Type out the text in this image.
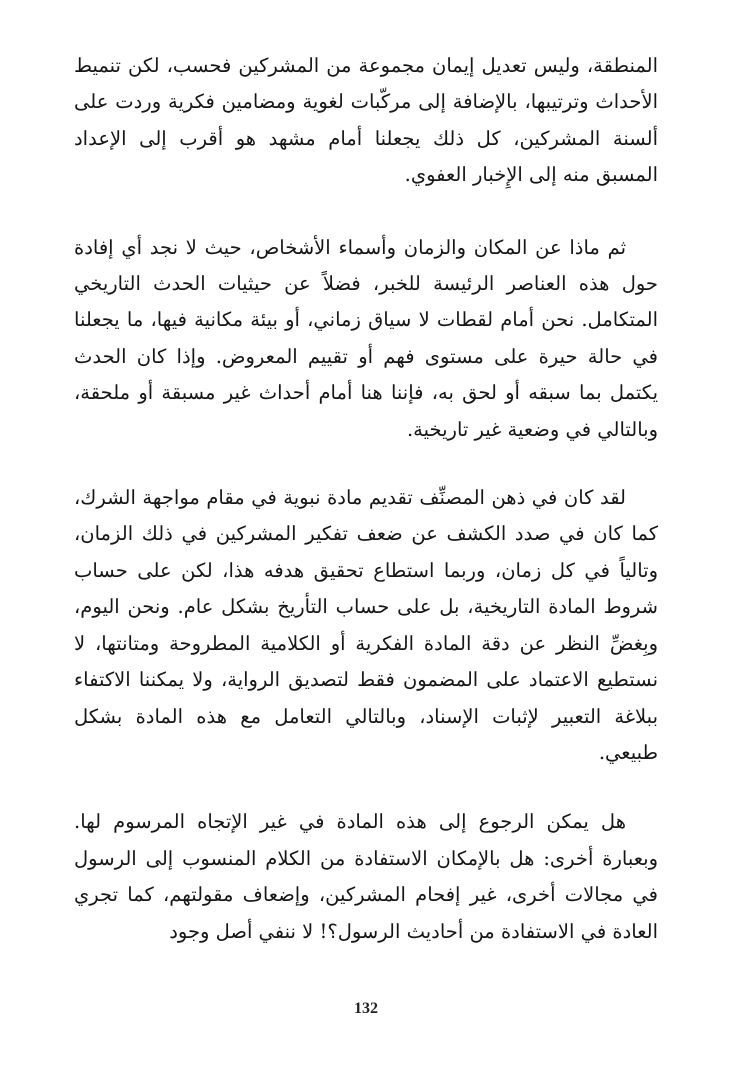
المنطقة، وليس تعديل إيمان مجموعة من المشركين فحسب، لكن تنميط الأحداث وترتيبها، بالإضافة إلى مركّبات لغوية ومضامين فكرية وردت على ألسنة المشركين، كل ذلك يجعلنا أمام مشهد هو أقرب إلى الإعداد المسبق منه إلى الإِخبار العفوي.

ثم ماذا عن المكان والزمان وأسماء الأشخاص، حيث لا نجد أي إفادة حول هذه العناصر الرئيسة للخبر، فضلاً عن حيثيات الحدث التاريخي المتكامل. نحن أمام لقطات لا سياق زماني، أو بيئة مكانية فيها، ما يجعلنا في حالة حيرة على مستوى فهم أو تقييم المعروض. وإذا كان الحدث يكتمل بما سبقه أو لحق به، فإننا هنا أمام أحداث غير مسبقة أو ملحقة، وبالتالي في وضعية غير تاريخية.

لقد كان في ذهن المصنِّف تقديم مادة نبوية في مقام مواجهة الشرك، كما كان في صدد الكشف عن ضعف تفكير المشركين في ذلك الزمان، وتالياً في كل زمان، وربما استطاع تحقيق هدفه هذا، لكن على حساب شروط المادة التاريخية، بل على حساب التأريخ بشكل عام. ونحن اليوم، وبِغضِّ النظر عن دقة المادة الفكرية أو الكلامية المطروحة ومتانتها، لا نستطيع الاعتماد على المضمون فقط لتصديق الرواية، ولا يمكننا الاكتفاء ببلاغة التعبير لإثبات الإسناد، وبالتالي التعامل مع هذه المادة بشكل طبيعي.

هل يمكن الرجوع إلى هذه المادة في غير الإتجاه المرسوم لها. وبعبارة أخرى: هل بالإمكان الاستفادة من الكلام المنسوب إلى الرسول في مجالات أخرى، غير إفحام المشركين، وإضعاف مقولتهم، كما تجري العادة في الاستفادة من أحاديث الرسول؟! لا ننفي أصل وجود

132
